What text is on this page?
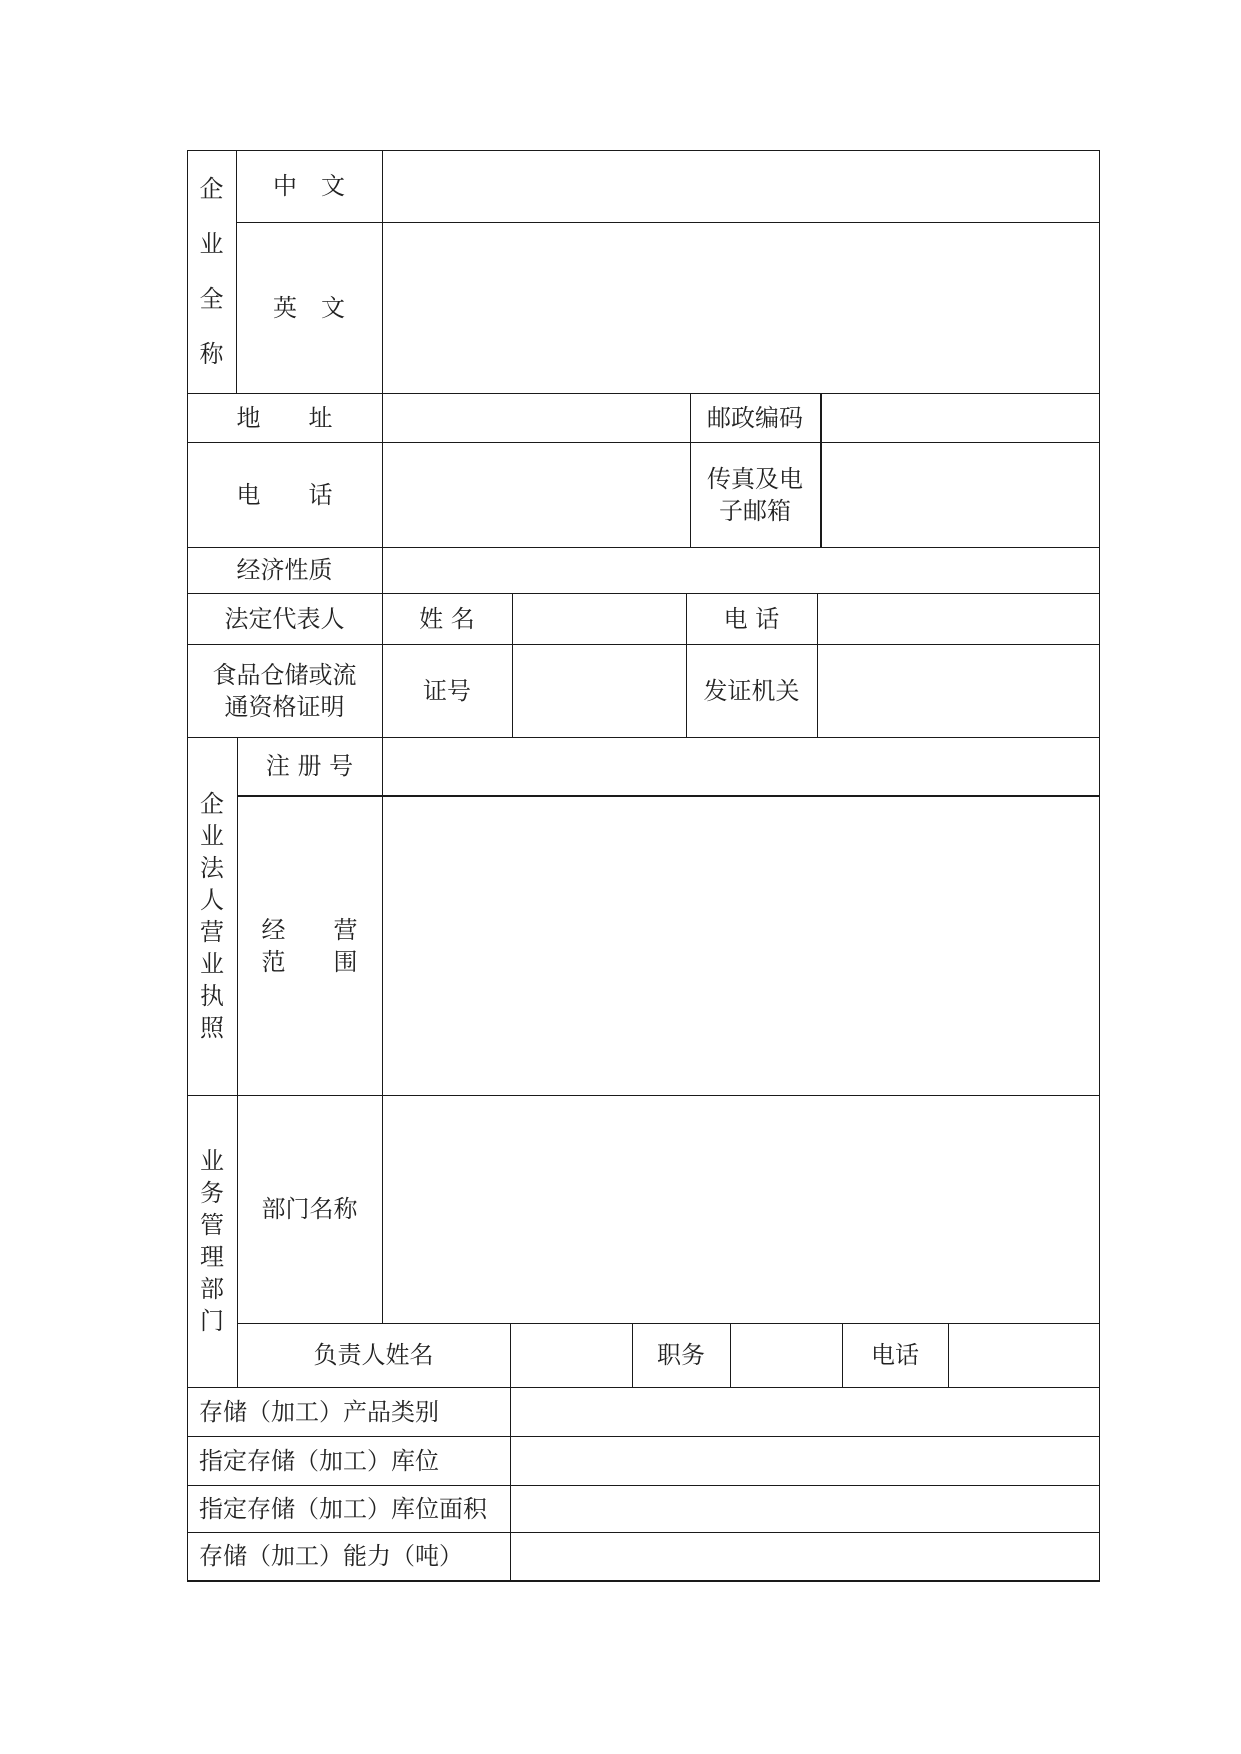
企业全称
中　文
英　文
地　　址	邮政编码
电　　话
传真及电子邮箱
经济性质
法定代表人	姓 名	电 话
食品仓储或流通资格证明
证号	发证机关
企业法人营业执照
注 册 号
经　　营
范　　围
业务管理部门
部门名称
负责人姓名	职务	电话
存储（加工）产品类别
指定存储（加工）库位
指定存储（加工）库位面积
存储（加工）能力（吨）
